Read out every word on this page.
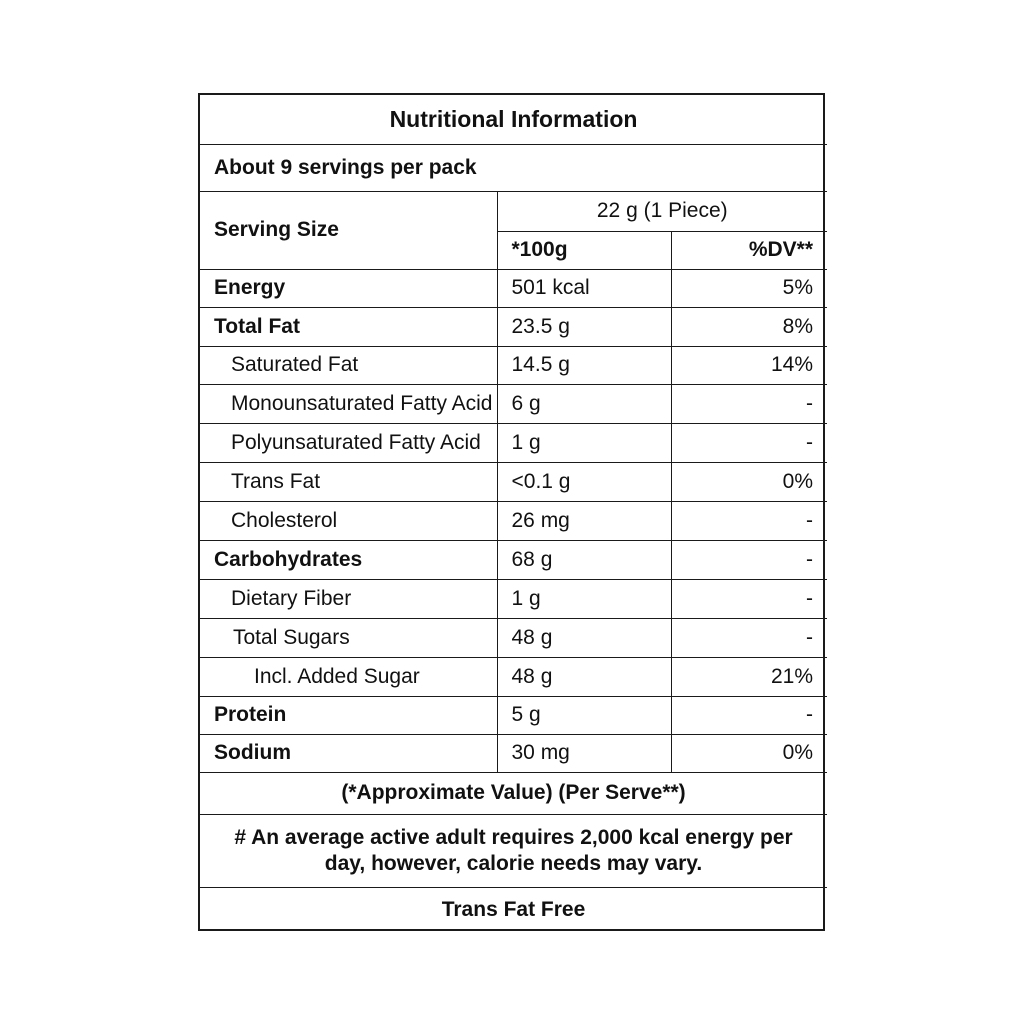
Nutritional Information		
About 9 servings per pack		
Serving Size	22 g (1 Piece)	
	*100g	%DV**
Energy	501 kcal	5%
Total Fat	23.5 g	8%
Saturated Fat	14.5 g	14%
Monounsaturated Fatty Acid	6 g	-
Polyunsaturated Fatty Acid	1 g	-
Trans Fat	<0.1 g	0%
Cholesterol	26 mg	-
Carbohydrates	68 g	-
Dietary Fiber	1 g	-
Total Sugars	48 g	-
Incl. Added Sugar	48 g	21%
Protein	5 g	-
Sodium	30 mg	0%
(*Approximate Value) (Per Serve**)		
# An average active adult requires 2,000 kcal energy per day, however, calorie needs may vary.		
Trans Fat Free		
